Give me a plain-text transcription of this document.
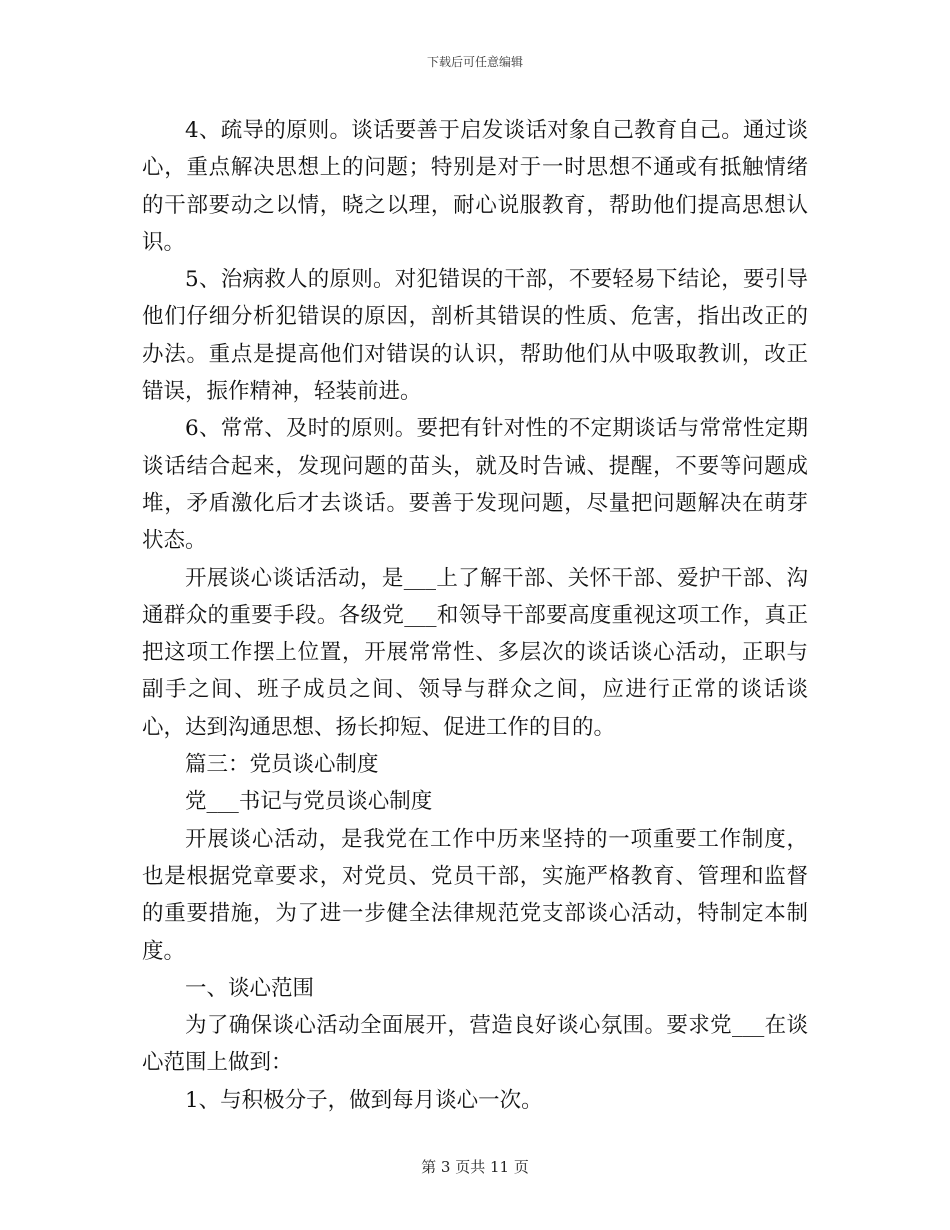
下载后可任意编辑

4、疏导的原则。谈话要善于启发谈话对象自己教育自己。通过谈心，重点解决思想上的问题；特别是对于一时思想不通或有抵触情绪的干部要动之以情，晓之以理，耐心说服教育，帮助他们提高思想认识。

5、治病救人的原则。对犯错误的干部，不要轻易下结论，要引导他们仔细分析犯错误的原因，剖析其错误的性质、危害，指出改正的办法。重点是提高他们对错误的认识，帮助他们从中吸取教训，改正错误，振作精神，轻装前进。

6、常常、及时的原则。要把有针对性的不定期谈话与常常性定期谈话结合起来，发现问题的苗头，就及时告诫、提醒，不要等问题成堆，矛盾激化后才去谈话。要善于发现问题，尽量把问题解决在萌芽状态。

开展谈心谈话活动，是___上了解干部、关怀干部、爱护干部、沟通群众的重要手段。各级党___和领导干部要高度重视这项工作，真正把这项工作摆上位置，开展常常性、多层次的谈话谈心活动，正职与副手之间、班子成员之间、领导与群众之间，应进行正常的谈话谈心，达到沟通思想、扬长抑短、促进工作的目的。

篇三：党员谈心制度

党___书记与党员谈心制度

开展谈心活动，是我党在工作中历来坚持的一项重要工作制度，也是根据党章要求，对党员、党员干部，实施严格教育、管理和监督的重要措施，为了进一步健全法律规范党支部谈心活动，特制定本制度。

一、谈心范围

为了确保谈心活动全面展开，营造良好谈心氛围。要求党___在谈心范围上做到：

1、与积极分子，做到每月谈心一次。

第 3 页共 11 页
